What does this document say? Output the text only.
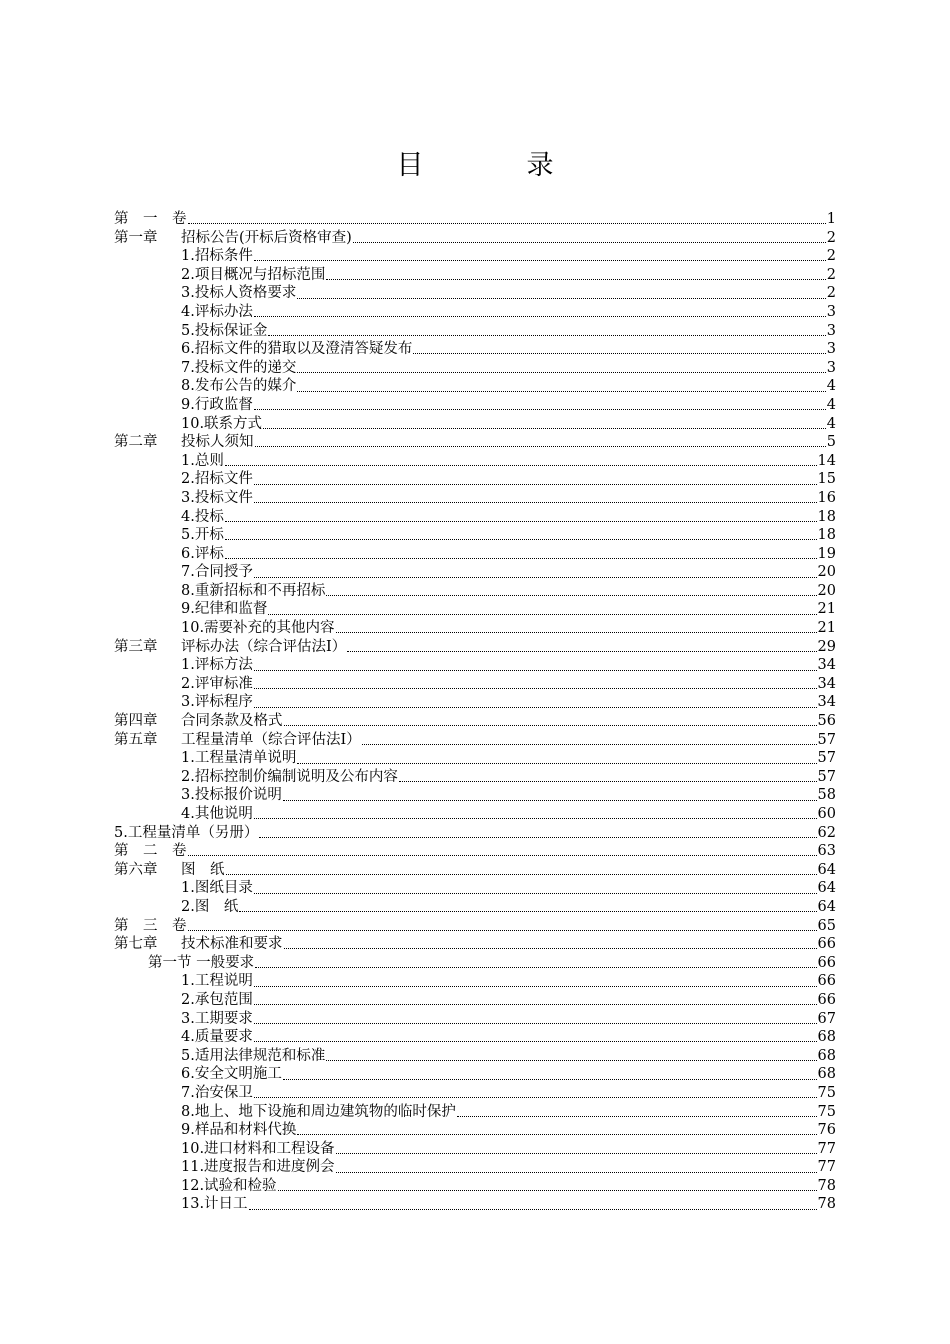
目　录
第　一　卷	1
第一章 招标公告(开标后资格审查)	2
1.招标条件	2
2.项目概况与招标范围	2
3.投标人资格要求	2
4.评标办法	3
5.投标保证金	3
6.招标文件的猎取以及澄清答疑发布	3
7.投标文件的递交	3
8.发布公告的媒介	4
9.行政监督	4
10.联系方式	4
第二章 投标人须知	5
1.总则	14
2.招标文件	15
3.投标文件	16
4.投标	18
5.开标	18
6.评标	19
7.合同授予	20
8.重新招标和不再招标	20
9.纪律和监督	21
10.需要补充的其他内容	21
第三章 评标办法（综合评估法Ⅰ）	29
1.评标方法	34
2.评审标准	34
3.评标程序	34
第四章 合同条款及格式	56
第五章 工程量清单（综合评估法Ⅰ）	57
1.工程量清单说明	57
2.招标控制价编制说明及公布内容	57
3.投标报价说明	58
4.其他说明	60
5.工程量清单（另册）	62
第　二　卷	63
第六章 图　纸	64
1.图纸目录	64
2.图　纸	64
第　三　卷	65
第七章 技术标准和要求	66
第一节 一般要求	66
1.工程说明	66
2.承包范围	66
3.工期要求	67
4.质量要求	68
5.适用法律规范和标准	68
6.安全文明施工	68
7.治安保卫	75
8.地上、地下设施和周边建筑物的临时保护	75
9.样品和材料代换	76
10.进口材料和工程设备	77
11.进度报告和进度例会	77
12.试验和检验	78
13.计日工	78
